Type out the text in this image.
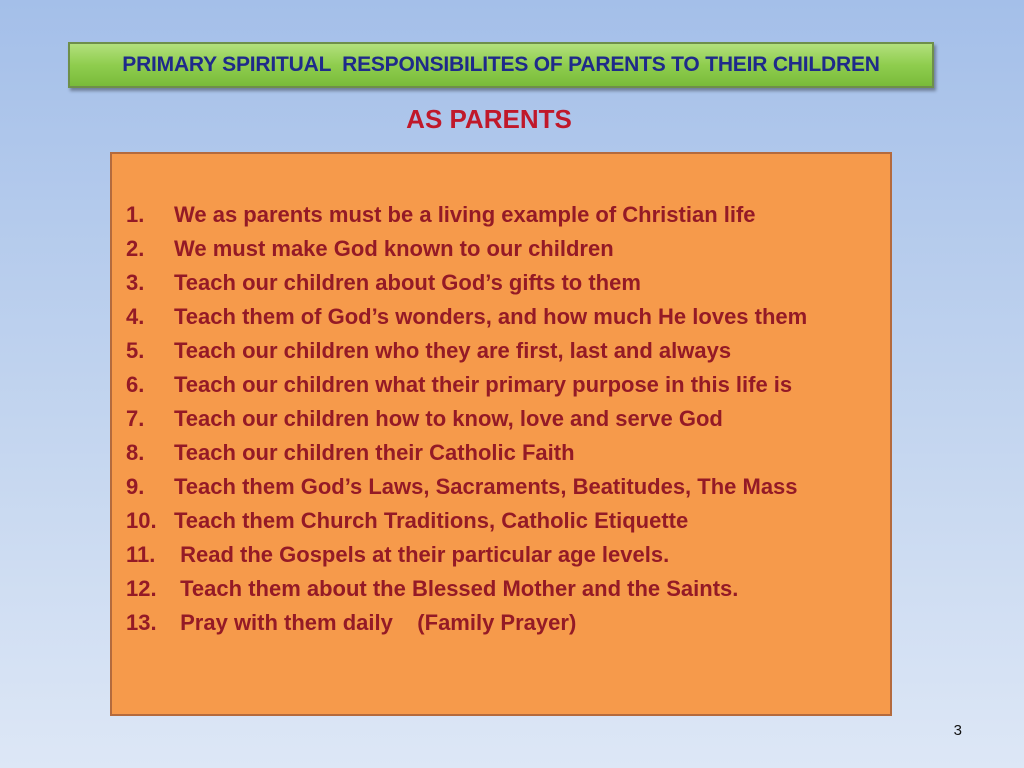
PRIMARY SPIRITUAL  RESPONSIBILITES OF PARENTS TO THEIR CHILDREN
AS PARENTS
1.	We as parents must be a living example of Christian life
2.	We must make God known to our children
3.	Teach our children about God’s gifts to them
4.	Teach them of God’s wonders, and how much He loves them
5.	Teach our children who they are first, last and always
6.	Teach our children what their primary purpose in this life is
7.	Teach our children how to know, love and serve God
8.	Teach our children their Catholic Faith
9.	Teach them God’s Laws, Sacraments, Beatitudes, The Mass
10. Teach them Church Traditions, Catholic Etiquette
11. Read the Gospels at their particular age levels.
12. Teach them about the Blessed Mother and the Saints.
13. Pray with them daily    (Family Prayer)
3
